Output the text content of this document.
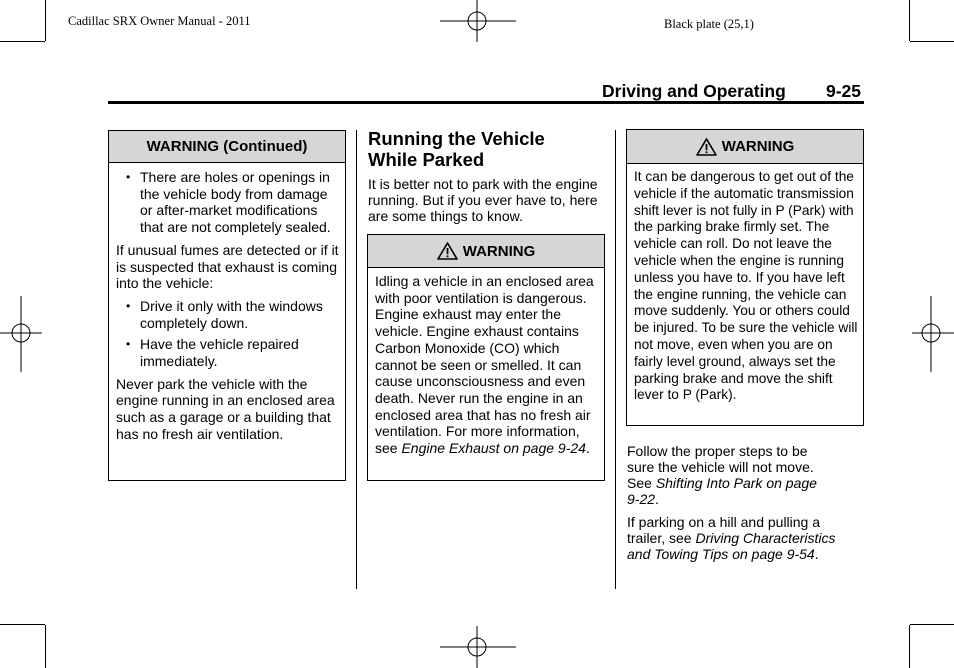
Cadillac SRX Owner Manual - 2011	Black plate (25,1)
Driving and Operating 9-25
WARNING (Continued)
• There are holes or openings in the vehicle body from damage or after-market modifications that are not completely sealed.
If unusual fumes are detected or if it is suspected that exhaust is coming into the vehicle:
• Drive it only with the windows completely down.
• Have the vehicle repaired immediately.
Never park the vehicle with the engine running in an enclosed area such as a garage or a building that has no fresh air ventilation.
Running the Vehicle
While Parked
It is better not to park with the engine running. But if you ever have to, here are some things to know.
WARNING
Idling a vehicle in an enclosed area with poor ventilation is dangerous. Engine exhaust may enter the vehicle. Engine exhaust contains Carbon Monoxide (CO) which cannot be seen or smelled. It can cause unconsciousness and even death. Never run the engine in an enclosed area that has no fresh air ventilation. For more information, see Engine Exhaust on page 9-24.
WARNING
It can be dangerous to get out of the vehicle if the automatic transmission shift lever is not fully in P (Park) with the parking brake firmly set. The vehicle can roll. Do not leave the vehicle when the engine is running unless you have to. If you have left the engine running, the vehicle can move suddenly. You or others could be injured. To be sure the vehicle will not move, even when you are on fairly level ground, always set the parking brake and move the shift lever to P (Park).
Follow the proper steps to be sure the vehicle will not move. See Shifting Into Park on page 9-22.
If parking on a hill and pulling a trailer, see Driving Characteristics and Towing Tips on page 9-54.
